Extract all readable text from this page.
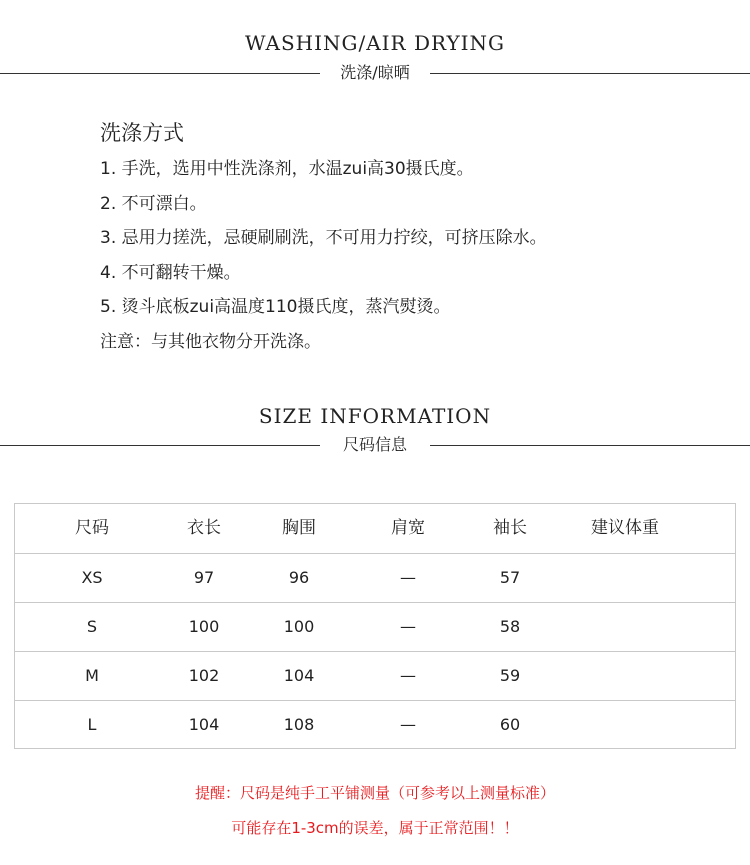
WASHING/AIR DRYING
洗涤/晾晒
洗涤方式
1. 手洗，选用中性洗涤剂，水温zui高30摄氏度。
2. 不可漂白。
3. 忌用力搓洗，忌硬刷刷洗，不可用力拧绞，可挤压除水。
4. 不可翻转干燥。
5. 烫斗底板zui高温度110摄氏度，蒸汽熨烫。
注意：与其他衣物分开洗涤。
SIZE INFORMATION
尺码信息
尺码	衣长	胸围	肩宽	袖长	建议体重
XS	97	96	—	57
S	100	100	—	58
M	102	104	—	59
L	104	108	—	60
提醒：尺码是纯手工平铺测量（可参考以上测量标准）
可能存在1-3cm的误差，属于正常范围！！
